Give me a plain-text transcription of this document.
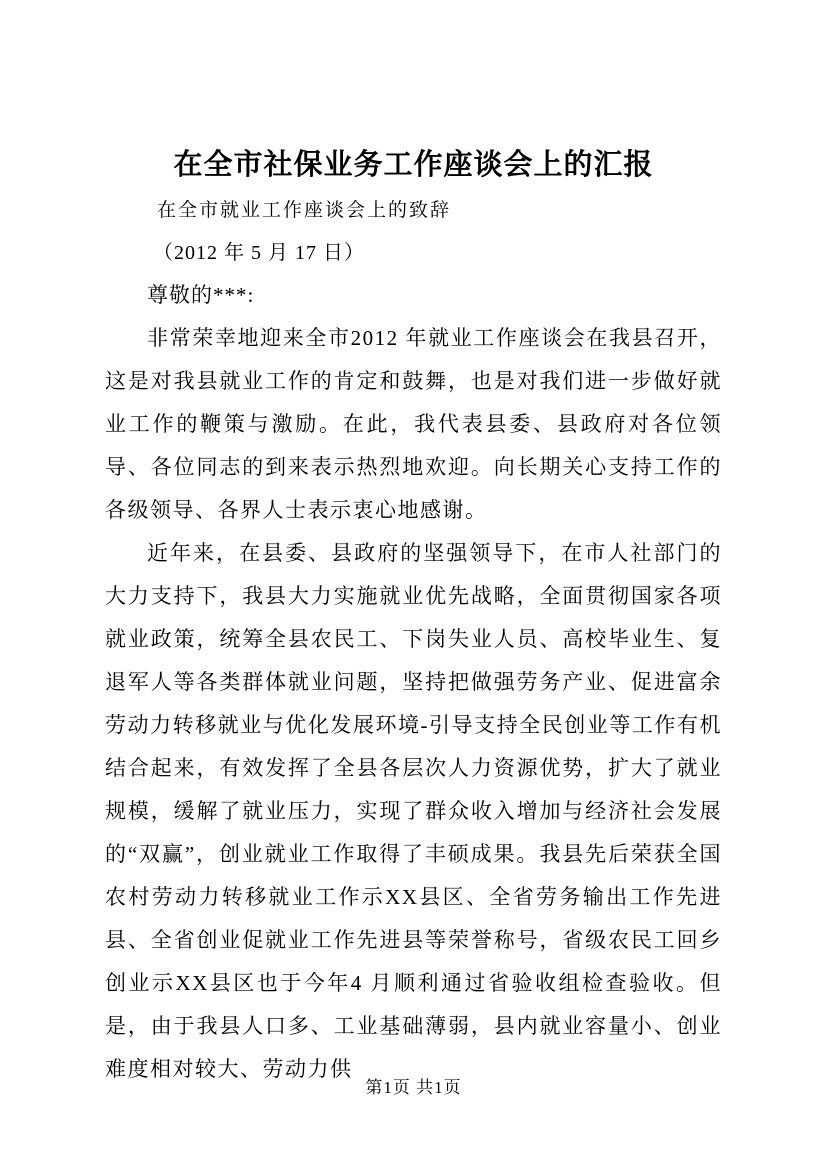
在全市社保业务工作座谈会上的汇报

在全市就业工作座谈会上的致辞

（2012 年 5 月 17 日）

尊敬的***:

非常荣幸地迎来全市2012 年就业工作座谈会在我县召开，这是对我县就业工作的肯定和鼓舞，也是对我们进一步做好就业工作的鞭策与激励。在此，我代表县委、县政府对各位领导、各位同志的到来表示热烈地欢迎。向长期关心支持工作的各级领导、各界人士表示衷心地感谢。

近年来，在县委、县政府的坚强领导下，在市人社部门的大力支持下，我县大力实施就业优先战略，全面贯彻国家各项就业政策，统筹全县农民工、下岗失业人员、高校毕业生、复退军人等各类群体就业问题，坚持把做强劳务产业、促进富余劳动力转移就业与优化发展环境-引导支持全民创业等工作有机结合起来，有效发挥了全县各层次人力资源优势，扩大了就业规模，缓解了就业压力，实现了群众收入增加与经济社会发展的“双赢”，创业就业工作取得了丰硕成果。我县先后荣获全国农村劳动力转移就业工作示XX县区、全省劳务输出工作先进县、全省创业促就业工作先进县等荣誉称号，省级农民工回乡创业示XX县区也于今年4 月顺利通过省验收组检查验收。但是，由于我县人口多、工业基础薄弱，县内就业容量小、创业难度相对较大、劳动力供

第1页 共1页
